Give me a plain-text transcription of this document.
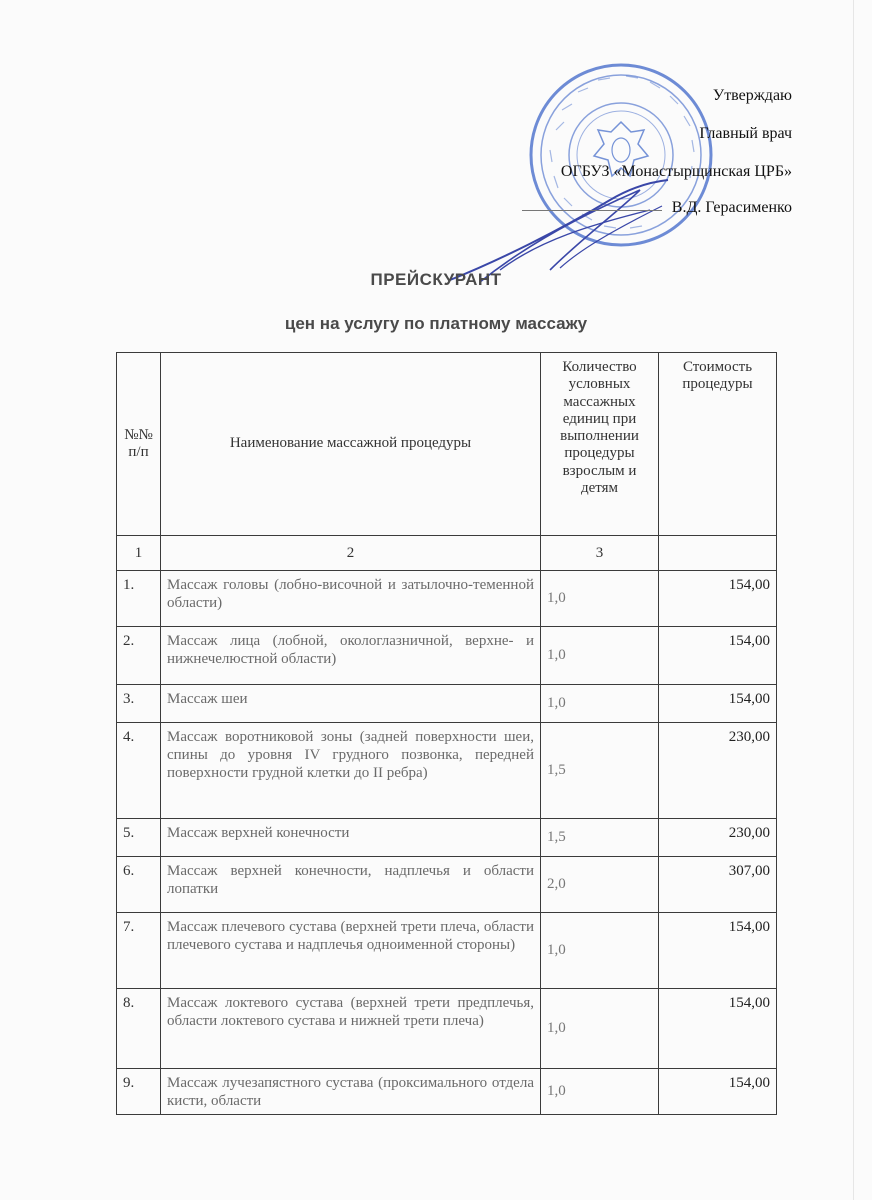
Утверждаю
Главный врач
ОГБУЗ «Монастырщинская ЦРБ»
В.Д. Герасименко
ПРЕЙСКУРАНТ
цен на услугу по платному массажу
№№ п/п	Наименование массажной процедуры	Количество условных массажных единиц при выполнении процедуры взрослым и детям	Стоимость процедуры
1	2	3	
1.	Массаж головы (лобно-височной и затылочно-теменной области)	1,0	154,00
2.	Массаж лица (лобной, окологлазничной, верхне- и нижнечелюстной области)	1,0	154,00
3.	Массаж шеи	1,0	154,00
4.	Массаж воротниковой зоны (задней поверхности шеи, спины до уровня IV грудного позвонка, передней поверхности грудной клетки до II ребра)	1,5	230,00
5.	Массаж верхней конечности	1,5	230,00
6.	Массаж верхней конечности, надплечья и области лопатки	2,0	307,00
7.	Массаж плечевого сустава (верхней трети плеча, области плечевого сустава и надплечья одноименной стороны)	1,0	154,00
8.	Массаж локтевого сустава (верхней трети предплечья, области локтевого сустава и нижней трети плеча)	1,0	154,00
9.	Массаж лучезапястного сустава (проксимального отдела кисти, области	1,0	154,00
